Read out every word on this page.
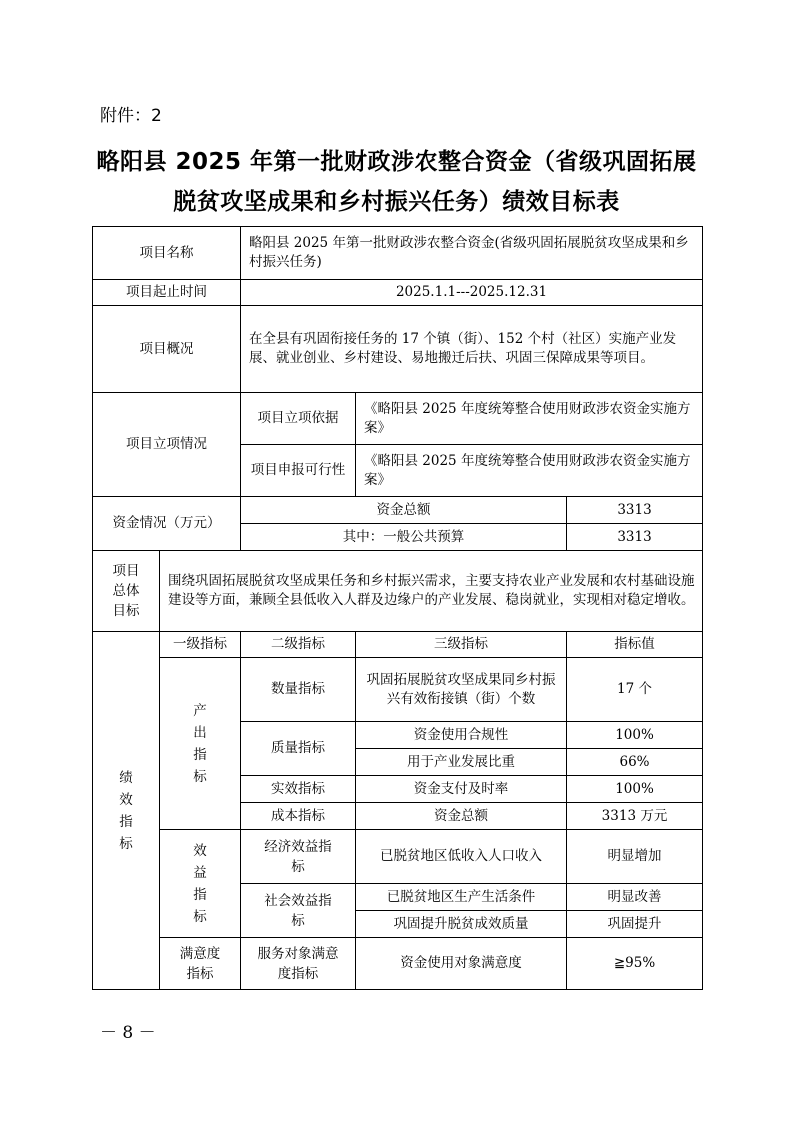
附件：2
略阳县 2025 年第一批财政涉农整合资金（省级巩固拓展
脱贫攻坚成果和乡村振兴任务）绩效目标表
项目名称		略阳县 2025 年第一批财政涉农整合资金(省级巩固拓展脱贫攻坚成果和乡村振兴任务)		
项目起止时间		2025.1.1---2025.12.31		
项目概况		在全县有巩固衔接任务的 17 个镇（街）、152 个村（社区）实施产业发展、就业创业、乡村建设、易地搬迁后扶、巩固三保障成果等项目。		
项目立项情况		项目立项依据	《略阳县 2025 年度统筹整合使用财政涉农资金实施方案》	
		项目申报可行性	《略阳县 2025 年度统筹整合使用财政涉农资金实施方案》	
资金情况（万元）		资金总额		3313
		其中：一般公共预算		3313
项目总体目标	围绕巩固拓展脱贫攻坚成果任务和乡村振兴需求，主要支持农业产业发展和农村基础设施建设等方面，兼顾全县低收入人群及边缘户的产业发展、稳岗就业，实现相对稳定增收。			
绩效指标	一级指标	二级指标	三级指标	指标值
	产出指标	数量指标	巩固拓展脱贫攻坚成果同乡村振兴有效衔接镇（街）个数	17 个
		质量指标	资金使用合规性	100%
			用于产业发展比重	66%
		实效指标	资金支付及时率	100%
		成本指标	资金总额	3313 万元
	效益指标	经济效益指标	已脱贫地区低收入人口收入	明显增加
		社会效益指标	已脱贫地区生产生活条件	明显改善
			巩固提升脱贫成效质量	巩固提升
	满意度指标	服务对象满意度指标	资金使用对象满意度	≧95%
－ 8 －
